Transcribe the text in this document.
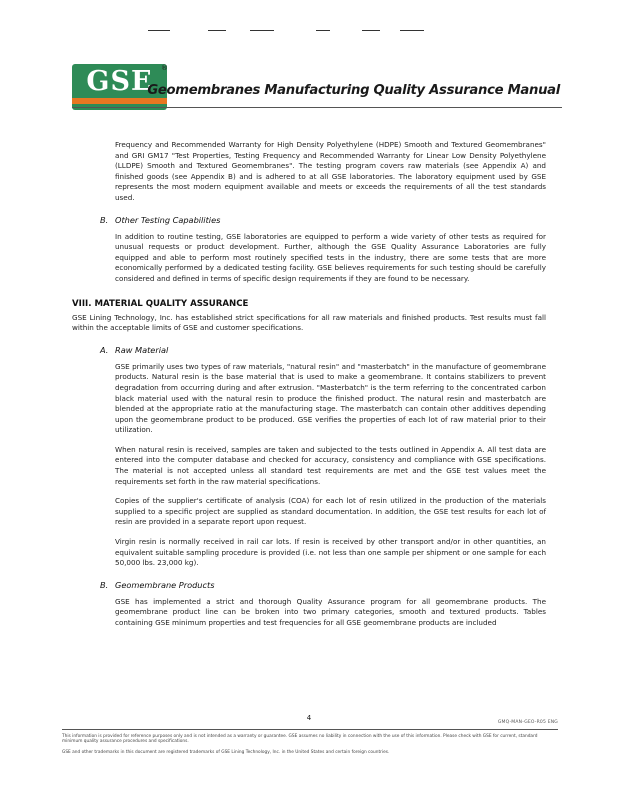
GSE	®
Geomembranes Manufacturing Quality Assurance Manual

Frequency and Recommended Warranty for High Density Polyethylene (HDPE) Smooth and Textured Geomembranes" and GRI GM17 "Test Properties, Testing Frequency and Recommended Warranty for Linear Low Density Polyethylene (LLDPE) Smooth and Textured Geomembranes". The testing program covers raw materials (see Appendix A) and finished goods (see Appendix B) and is adhered to at all GSE laboratories. The laboratory equipment used by GSE represents the most modern equipment available and meets or exceeds the requirements of all the test standards used.

B. Other Testing Capabilities

In addition to routine testing, GSE laboratories are equipped to perform a wide variety of other tests as required for unusual requests or product development. Further, although the GSE Quality Assurance Laboratories are fully equipped and able to perform most routinely specified tests in the industry, there are some tests that are more economically performed by a dedicated testing facility. GSE believes requirements for such testing should be carefully considered and defined in terms of specific design requirements if they are found to be necessary.

VIII. MATERIAL QUALITY ASSURANCE

GSE Lining Technology, Inc. has established strict specifications for all raw materials and finished products. Test results must fall within the acceptable limits of GSE and customer specifications.

A. Raw Material

GSE primarily uses two types of raw materials, "natural resin" and "masterbatch" in the manufacture of geomembrane products. Natural resin is the base material that is used to make a geomembrane. It contains stabilizers to prevent degradation from occurring during and after extrusion. "Masterbatch" is the term referring to the concentrated carbon black material used with the natural resin to produce the finished product. The natural resin and masterbatch are blended at the appropriate ratio at the manufacturing stage. The masterbatch can contain other additives depending upon the geomembrane product to be produced. GSE verifies the properties of each lot of raw material prior to their utilization.

When natural resin is received, samples are taken and subjected to the tests outlined in Appendix A. All test data are entered into the computer database and checked for accuracy, consistency and compliance with GSE specifications. The material is not accepted unless all standard test requirements are met and the GSE test values meet the requirements set forth in the raw material specifications.

Copies of the supplier's certificate of analysis (COA) for each lot of resin utilized in the production of the materials supplied to a specific project are supplied as standard documentation. In addition, the GSE test results for each lot of resin are provided in a separate report upon request.

Virgin resin is normally received in rail car lots. If resin is received by other transport and/or in other quantities, an equivalent suitable sampling procedure is provided (i.e. not less than one sample per shipment or one sample for each 50,000 lbs. 23,000 kg).

B. Geomembrane Products

GSE has implemented a strict and thorough Quality Assurance program for all geomembrane products. The geomembrane product line can be broken into two primary categories, smooth and textured products. Tables containing GSE minimum properties and test frequencies for all GSE geomembrane products are included

4
GMQ-MAN-GEO-R05 ENG
This information is provided for reference purposes only and is not intended as a warranty or guarantee. GSE assumes no liability in connection with the use of this information. Please check with GSE for current, standard minimum quality assurance procedures and specifications.
GSE and other trademarks in this document are registered trademarks of GSE Lining Technology, Inc. in the United States and certain foreign countries.
